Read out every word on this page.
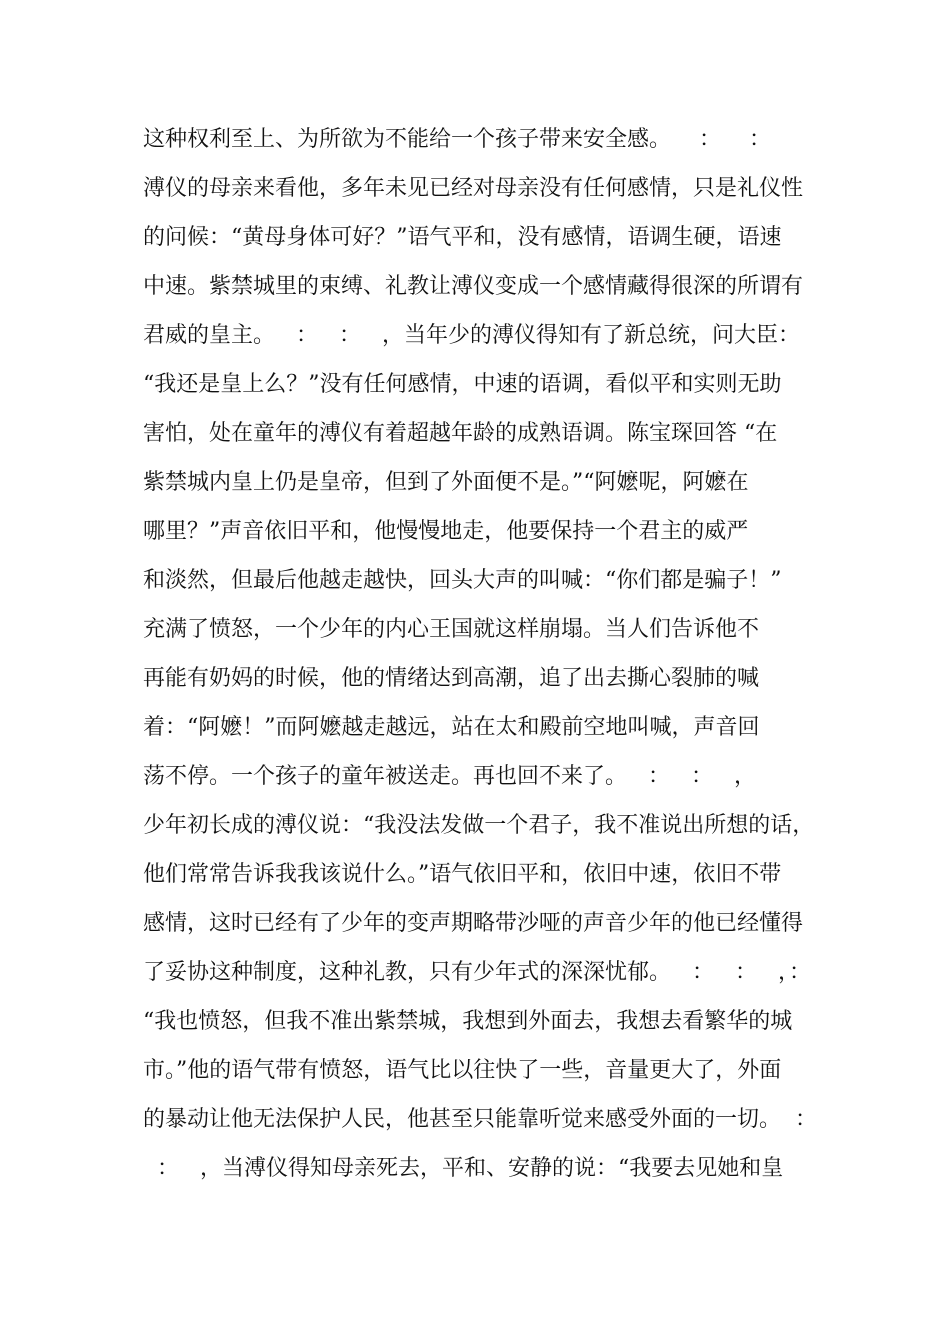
这种权利至上、为所欲为不能给一个孩子带来安全感。    ：    ：
溥仪的母亲来看他，多年未见已经对母亲没有任何感情，只是礼仪性
的问候：“黄母身体可好？”语气平和，没有感情，语调生硬，语速
中速。紫禁城里的束缚、礼教让溥仪变成一个感情藏得很深的所谓有
君威的皇主。   ：   ：   ，当年少的溥仪得知有了新总统，问大臣：
“我还是皇上么？”没有任何感情，中速的语调，看似平和实则无助
害怕，处在童年的溥仪有着超越年龄的成熟语调。陈宝琛回答 “在
紫禁城内皇上仍是皇帝，但到了外面便不是。”“阿嬷呢，阿嬷在
哪里？”声音依旧平和，他慢慢地走，他要保持一个君主的威严
和淡然，但最后他越走越快，回头大声的叫喊：“你们都是骗子！”
充满了愤怒，一个少年的内心王国就这样崩塌。当人们告诉他不
再能有奶妈的时候，他的情绪达到高潮，追了出去撕心裂肺的喊
着：“阿嬷！”而阿嬷越走越远，站在太和殿前空地叫喊，声音回
荡不停。一个孩子的童年被送走。再也回不来了。   ：   ：   ，
少年初长成的溥仪说：“我没法发做一个君子，我不准说出所想的话，
他们常常告诉我我该说什么。”语气依旧平和，依旧中速，依旧不带
感情，这时已经有了少年的变声期略带沙哑的声音少年的他已经懂得
了妥协这种制度，这种礼教，只有少年式的深深忧郁。   ：   ：   ，：
“我也愤怒，但我不准出紫禁城，我想到外面去，我想去看繁华的城
市。”他的语气带有愤怒，语气比以往快了一些，音量更大了，外面
的暴动让他无法保护人民，他甚至只能靠听觉来感受外面的一切。  ：
：   ，当溥仪得知母亲死去，平和、安静的说：“我要去见她和皇
